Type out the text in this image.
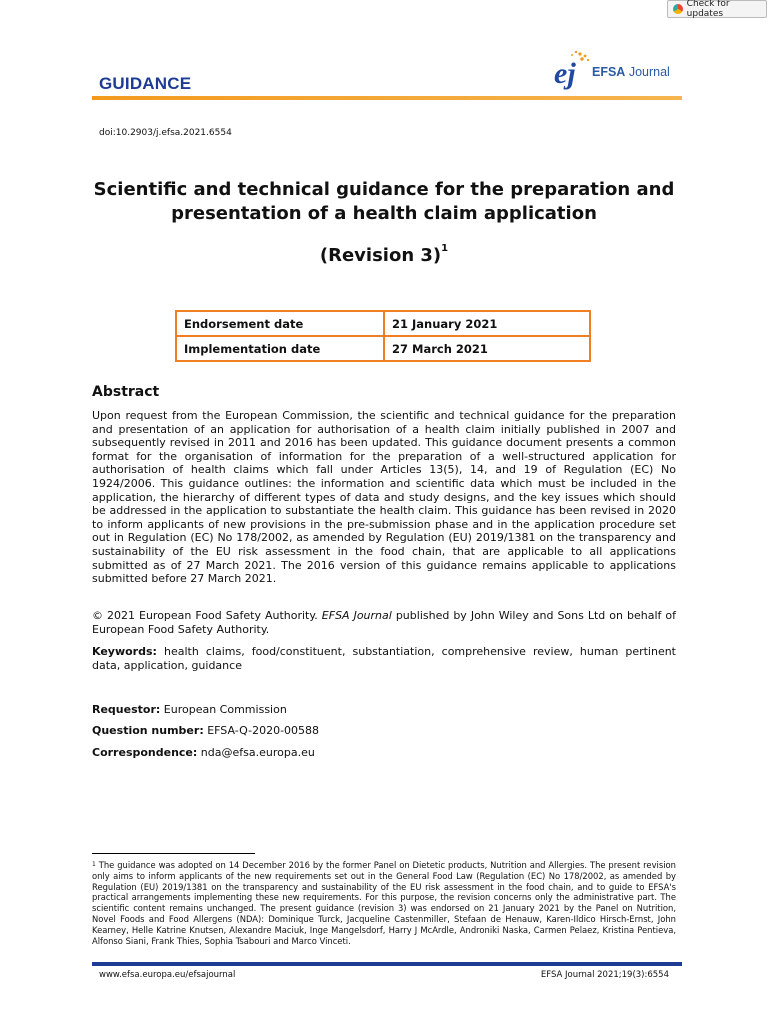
Check for updates
GUIDANCE	ej EFSA Journal
doi:10.2903/j.efsa.2021.6554
Scientific and technical guidance for the preparation and presentation of a health claim application
(Revision 3)$^1$
Endorsement date	21 January 2021
Implementation date	27 March 2021
Abstract
Upon request from the European Commission, the scientific and technical guidance for the preparation and presentation of an application for authorisation of a health claim initially published in 2007 and subsequently revised in 2011 and 2016 has been updated. This guidance document presents a common format for the organisation of information for the preparation of a well-structured application for authorisation of health claims which fall under Articles 13(5), 14, and 19 of Regulation (EC) No 1924/2006. This guidance outlines: the information and scientific data which must be included in the application, the hierarchy of different types of data and study designs, and the key issues which should be addressed in the application to substantiate the health claim. This guidance has been revised in 2020 to inform applicants of new provisions in the pre-submission phase and in the application procedure set out in Regulation (EC) No 178/2002, as amended by Regulation (EU) 2019/1381 on the transparency and sustainability of the EU risk assessment in the food chain, that are applicable to all applications submitted as of 27 March 2021. The 2016 version of this guidance remains applicable to applications submitted before 27 March 2021.
© 2021 European Food Safety Authority. EFSA Journal published by John Wiley and Sons Ltd on behalf of European Food Safety Authority.
Keywords: health claims, food/constituent, substantiation, comprehensive review, human pertinent data, application, guidance
Requestor: European Commission
Question number: EFSA-Q-2020-00588
Correspondence: nda@efsa.europa.eu
$^1$ The guidance was adopted on 14 December 2016 by the former Panel on Dietetic products, Nutrition and Allergies. The present revision only aims to inform applicants of the new requirements set out in the General Food Law (Regulation (EC) No 178/2002, as amended by Regulation (EU) 2019/1381 on the transparency and sustainability of the EU risk assessment in the food chain, and to guide to EFSA's practical arrangements implementing these new requirements. For this purpose, the revision concerns only the administrative part. The scientific content remains unchanged. The present guidance (revision 3) was endorsed on 21 January 2021 by the Panel on Nutrition, Novel Foods and Food Allergens (NDA): Dominique Turck, Jacqueline Castenmiller, Stefaan de Henauw, Karen-Ildico Hirsch-Ernst, John Kearney, Helle Katrine Knutsen, Alexandre Maciuk, Inge Mangelsdorf, Harry J McArdle, Androniki Naska, Carmen Pelaez, Kristina Pentieva, Alfonso Siani, Frank Thies, Sophia Tsabouri and Marco Vinceti.
www.efsa.europa.eu/efsajournal	EFSA Journal 2021;19(3):6554
